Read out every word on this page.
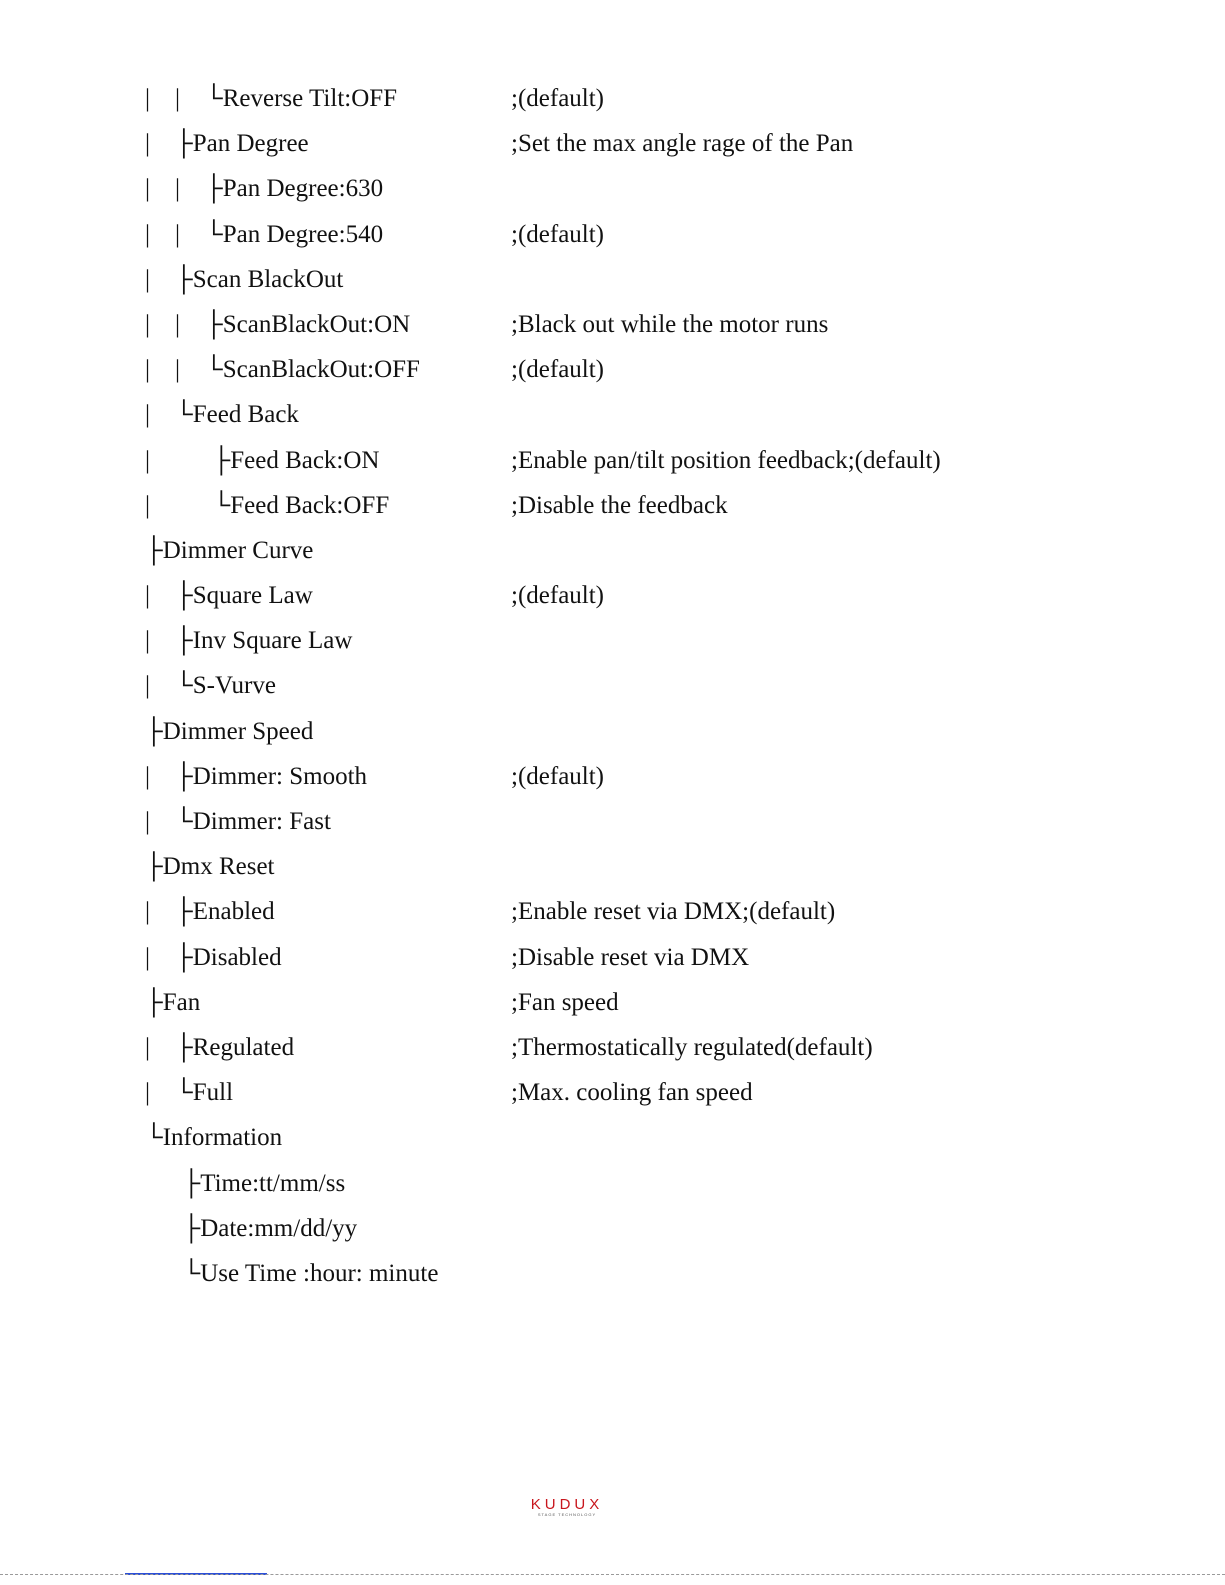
|    |    └Reverse Tilt:OFF	;(default)
|    ├Pan Degree	;Set the max angle rage of the Pan
|    |    ├Pan Degree:630
|    |    └Pan Degree:540	;(default)
|    ├Scan BlackOut
|    |    ├ScanBlackOut:ON	;Black out while the motor runs
|    |    └ScanBlackOut:OFF	;(default)
|    └Feed Back
|          ├Feed Back:ON	;Enable pan/tilt position feedback;(default)
|          └Feed Back:OFF	;Disable the feedback
├Dimmer Curve
|    ├Square Law	;(default)
|    ├Inv Square Law
|    └S-Vurve
├Dimmer Speed
|    ├Dimmer: Smooth	;(default)
|    └Dimmer: Fast
├Dmx Reset
|    ├Enabled	;Enable reset via DMX;(default)
|    ├Disabled	;Disable reset via DMX
├Fan	;Fan speed
|    ├Regulated	;Thermostatically regulated(default)
|    └Full	;Max. cooling fan speed
└Information
├Time:tt/mm/ss
├Date:mm/dd/yy
└Use Time :hour: minute
KUDUX
STAGE TECHNOLOGY
